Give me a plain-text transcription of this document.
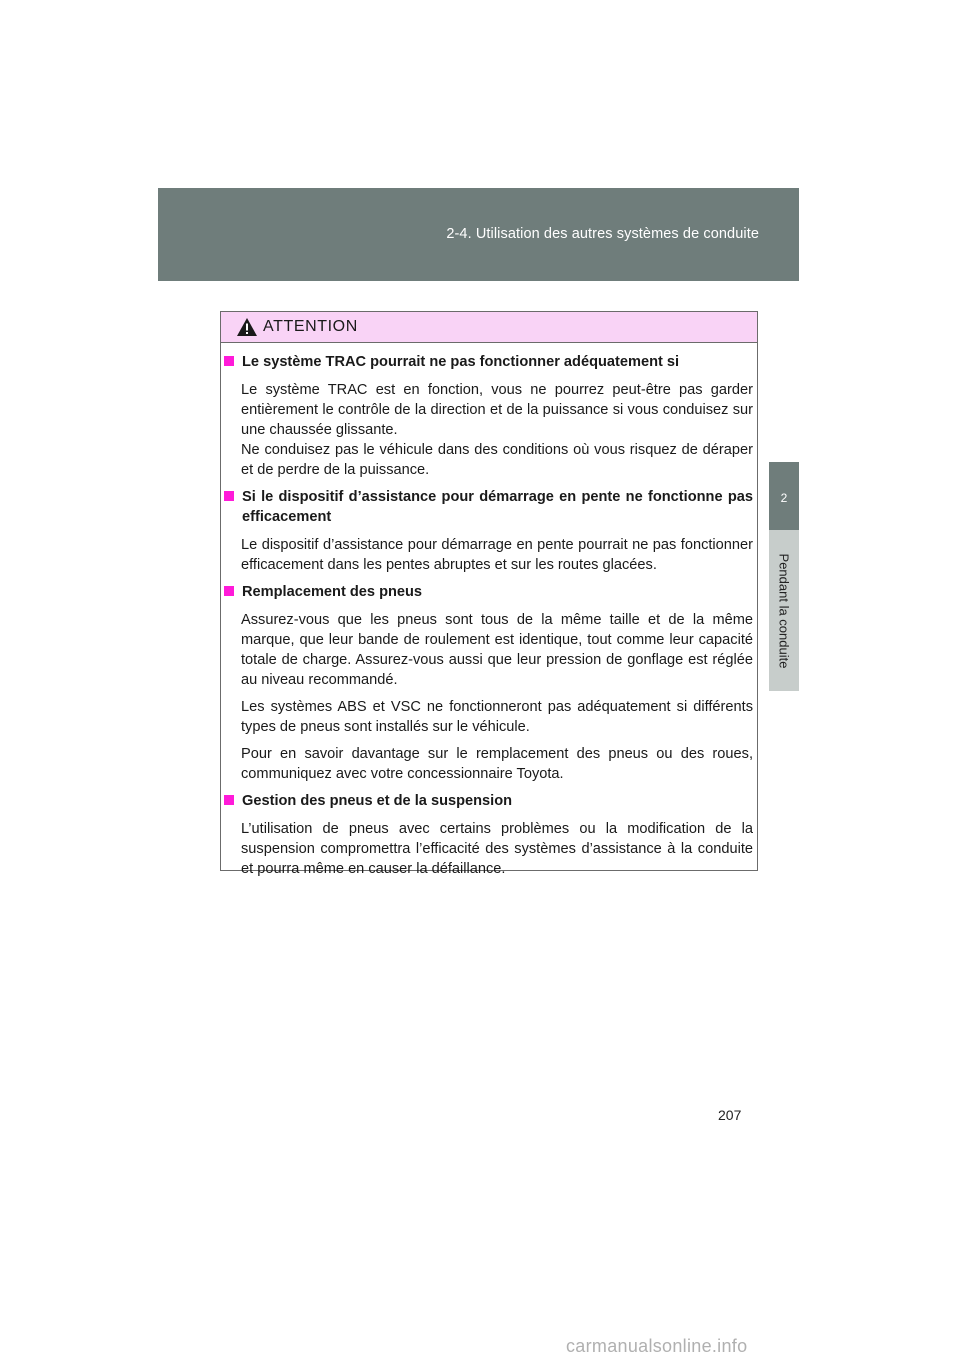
2-4. Utilisation des autres systèmes de conduite
2
Pendant la conduite
ATTENTION
Le système TRAC pourrait ne pas fonctionner adéquatement si

Le système TRAC est en fonction, vous ne pourrez peut-être pas garder entièrement le contrôle de la direction et de la puissance si vous conduisez sur une chaussée glissante.

Ne conduisez pas le véhicule dans des conditions où vous risquez de déraper et de perdre de la puissance.

Si le dispositif d’assistance pour démarrage en pente ne fonctionne pas efficacement

Le dispositif d’assistance pour démarrage en pente pourrait ne pas fonctionner efficacement dans les pentes abruptes et sur les routes glacées.

Remplacement des pneus

Assurez-vous que les pneus sont tous de la même taille et de la même marque, que leur bande de roulement est identique, tout comme leur capacité totale de charge. Assurez-vous aussi que leur pression de gonflage est réglée au niveau recommandé.

Les systèmes ABS et VSC ne fonctionneront pas adéquatement si différents types de pneus sont installés sur le véhicule.

Pour en savoir davantage sur le remplacement des pneus ou des roues, communiquez avec votre concessionnaire Toyota.

Gestion des pneus et de la suspension

L’utilisation de pneus avec certains problèmes ou la modification de la suspension compromettra l’efficacité des systèmes d’assistance à la conduite et pourra même en causer la défaillance.

207
carmanualsonline.info
